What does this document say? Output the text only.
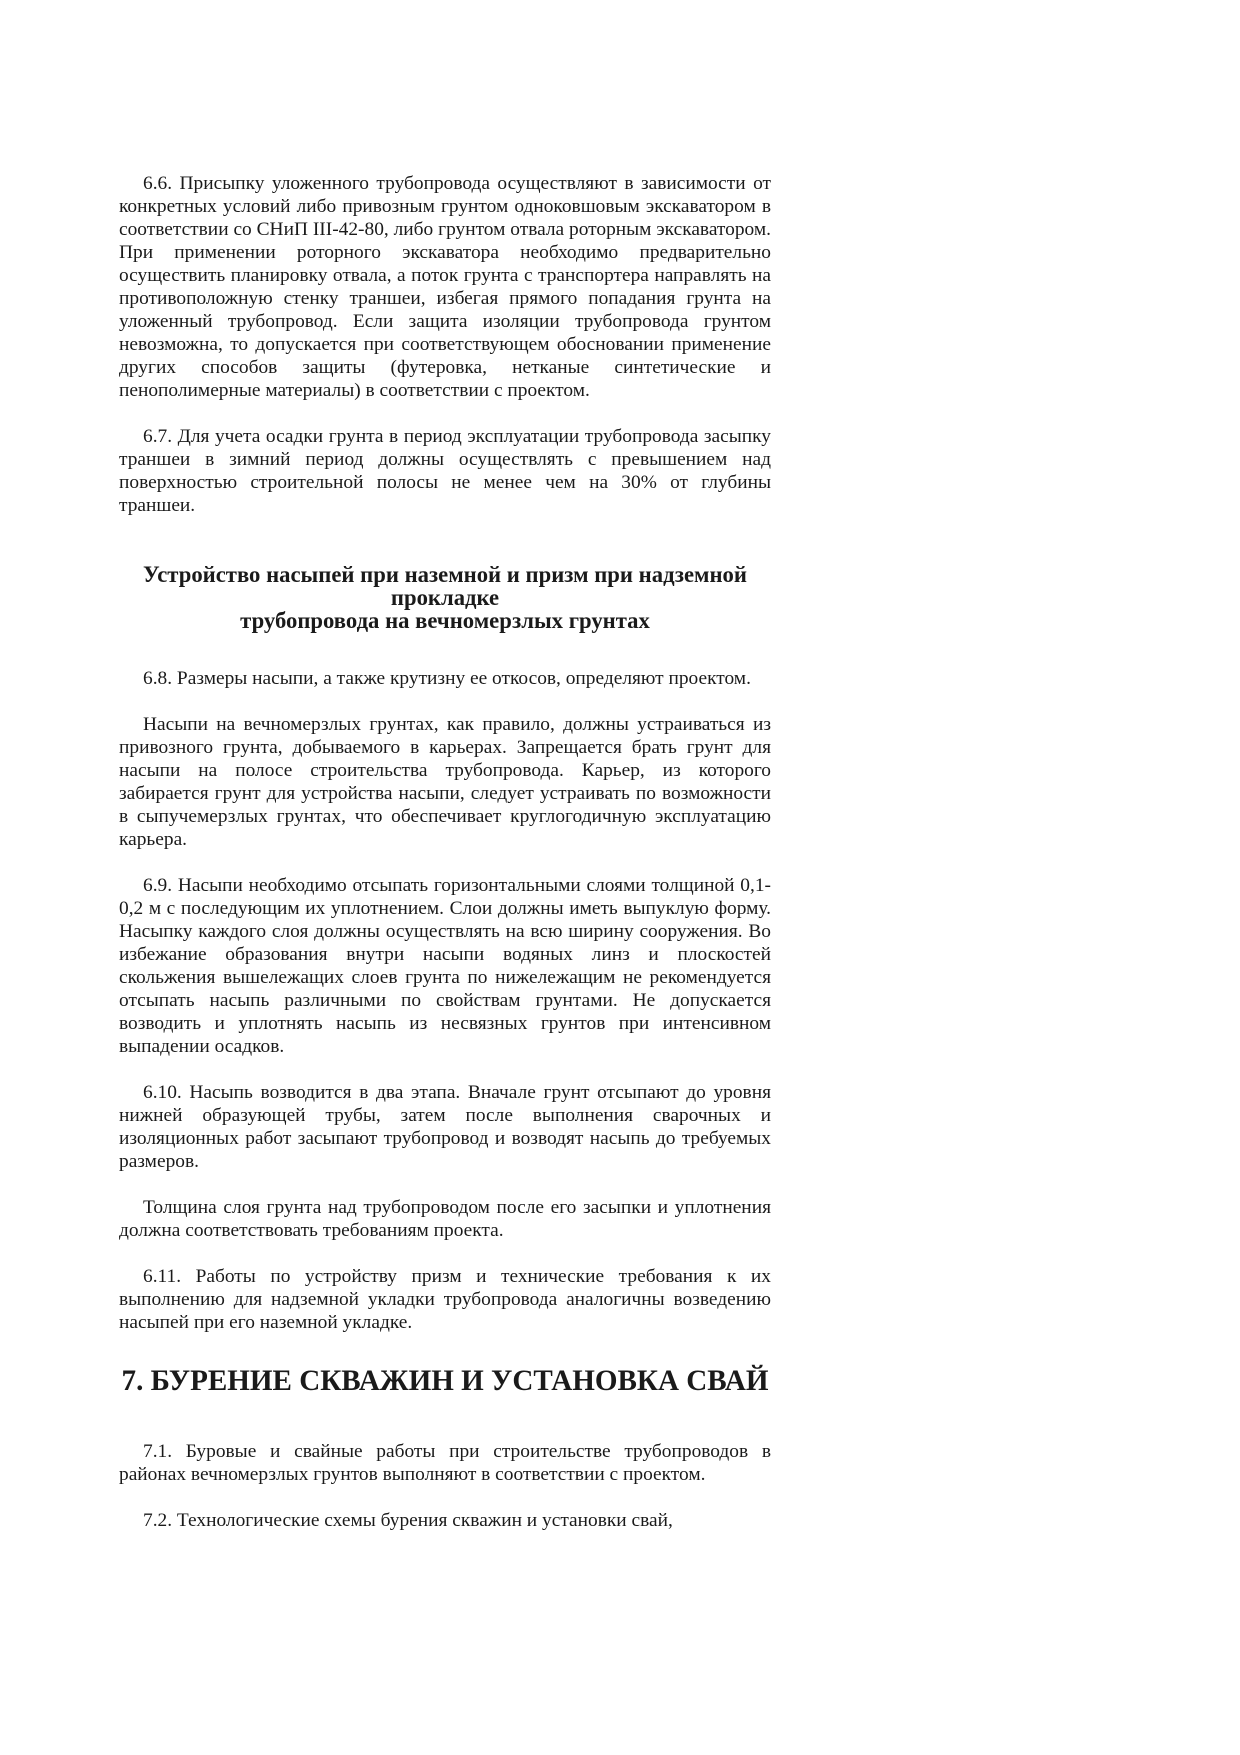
6.6. Присыпку уложенного трубопровода осуществляют в зависимости от конкретных условий либо привозным грунтом одноковшовым экскаватором в соответствии со СНиП III-42-80, либо грунтом отвала роторным экскаватором. При применении роторного экскаватора необходимо предварительно осуществить планировку отвала, а поток грунта с транспортера направлять на противоположную стенку траншеи, избегая прямого попадания грунта на уложенный трубопровод. Если защита изоляции трубопровода грунтом невозможна, то допускается при соответствующем обосновании применение других способов защиты (футеровка, нетканые синтетические и пенополимерные материалы) в соответствии с проектом.

6.7. Для учета осадки грунта в период эксплуатации трубопровода засыпку траншеи в зимний период должны осуществлять с превышением над поверхностью строительной полосы не менее чем на 30% от глубины траншеи.

Устройство насыпей при наземной и призм при надземной
прокладке
трубопровода на вечномерзлых грунтах

6.8. Размеры насыпи, а также крутизну ее откосов, определяют проектом.

Насыпи на вечномерзлых грунтах, как правило, должны устраиваться из привозного грунта, добываемого в карьерах. Запрещается брать грунт для насыпи на полосе строительства трубопровода. Карьер, из которого забирается грунт для устройства насыпи, следует устраивать по возможности в сыпучемерзлых грунтах, что обеспечивает круглогодичную эксплуатацию карьера.

6.9. Насыпи необходимо отсыпать горизонтальными слоями толщиной 0,1-0,2 м с последующим их уплотнением. Слои должны иметь выпуклую форму. Насыпку каждого слоя должны осуществлять на всю ширину сооружения. Во избежание образования внутри насыпи водяных линз и плоскостей скольжения вышележащих слоев грунта по нижележащим не рекомендуется отсыпать насыпь различными по свойствам грунтами. Не допускается возводить и уплотнять насыпь из несвязных грунтов при интенсивном выпадении осадков.

6.10. Насыпь возводится в два этапа. Вначале грунт отсыпают до уровня нижней образующей трубы, затем после выполнения сварочных и изоляционных работ засыпают трубопровод и возводят насыпь до требуемых размеров.

Толщина слоя грунта над трубопроводом после его засыпки и уплотнения должна соответствовать требованиям проекта.

6.11. Работы по устройству призм и технические требования к их выполнению для надземной укладки трубопровода аналогичны возведению насыпей при его наземной укладке.

7. БУРЕНИЕ СКВАЖИН И УСТАНОВКА СВАЙ

7.1. Буровые и свайные работы при строительстве трубопроводов в районах вечномерзлых грунтов выполняют в соответствии с проектом.

7.2. Технологические схемы бурения скважин и установки свай,
